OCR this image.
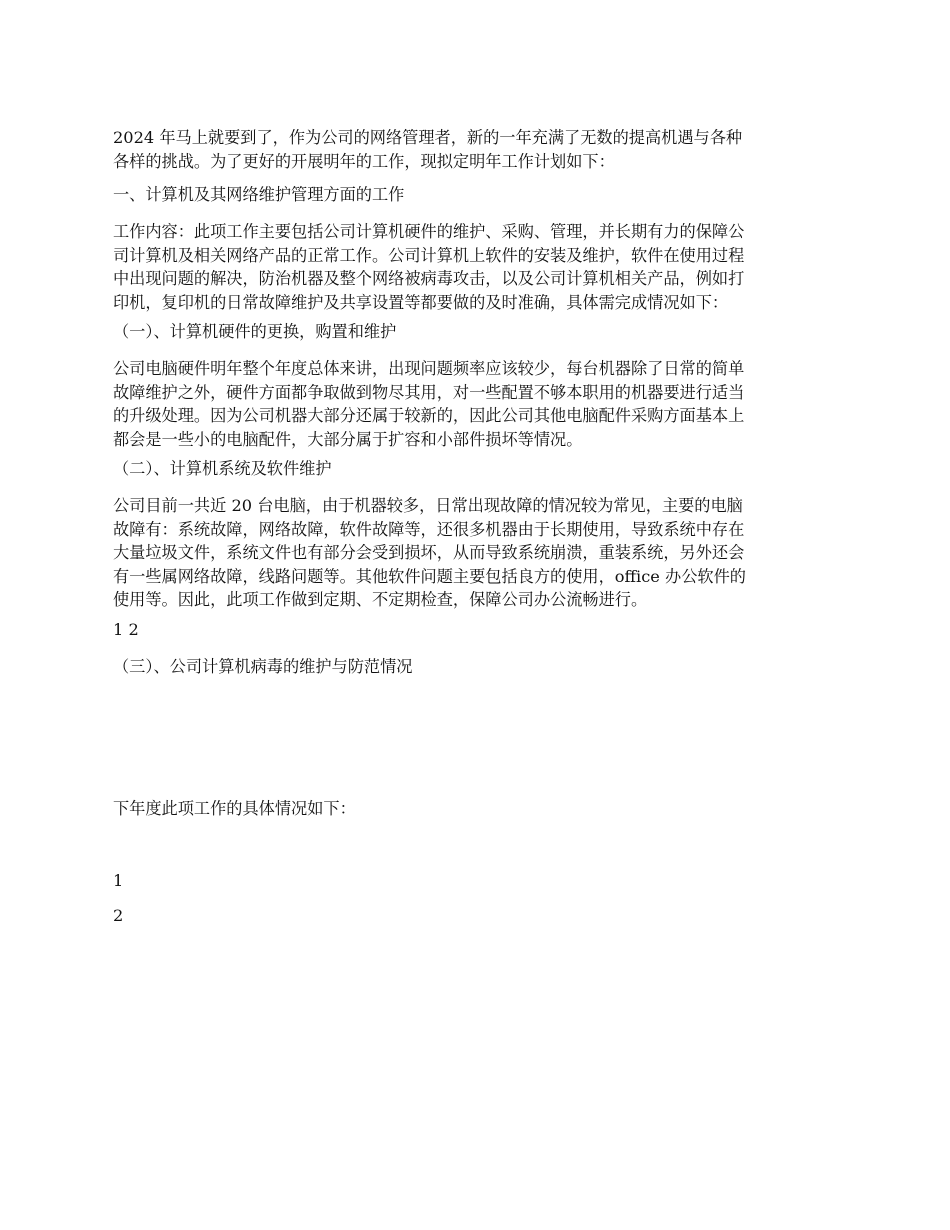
2024 年马上就要到了，作为公司的网络管理者，新的一年充满了无数的提高机遇与各种
各样的挑战。为了更好的开展明年的工作，现拟定明年工作计划如下：

一、计算机及其网络维护管理方面的工作

工作内容：此项工作主要包括公司计算机硬件的维护、采购、管理，并长期有力的保障公
司计算机及相关网络产品的正常工作。公司计算机上软件的安装及维护，软件在使用过程
中出现问题的解决，防治机器及整个网络被病毒攻击，以及公司计算机相关产品，例如打
印机，复印机的日常故障维护及共享设置等都要做的及时准确，具体需完成情况如下：

（一）、计算机硬件的更换，购置和维护

公司电脑硬件明年整个年度总体来讲，出现问题频率应该较少，每台机器除了日常的简单
故障维护之外，硬件方面都争取做到物尽其用，对一些配置不够本职用的机器要进行适当
的升级处理。因为公司机器大部分还属于较新的，因此公司其他电脑配件采购方面基本上
都会是一些小的电脑配件，大部分属于扩容和小部件损坏等情况。

（二）、计算机系统及软件维护

公司目前一共近 20 台电脑，由于机器较多，日常出现故障的情况较为常见，主要的电脑
故障有：系统故障，网络故障，软件故障等，还很多机器由于长期使用，导致系统中存在
大量垃圾文件，系统文件也有部分会受到损坏，从而导致系统崩溃，重装系统，另外还会
有一些属网络故障，线路问题等。其他软件问题主要包括良方的使用，office 办公软件的
使用等。因此，此项工作做到定期、不定期检查，保障公司办公流畅进行。

1 2

（三）、公司计算机病毒的维护与防范情况

下年度此项工作的具体情况如下：

1

2
